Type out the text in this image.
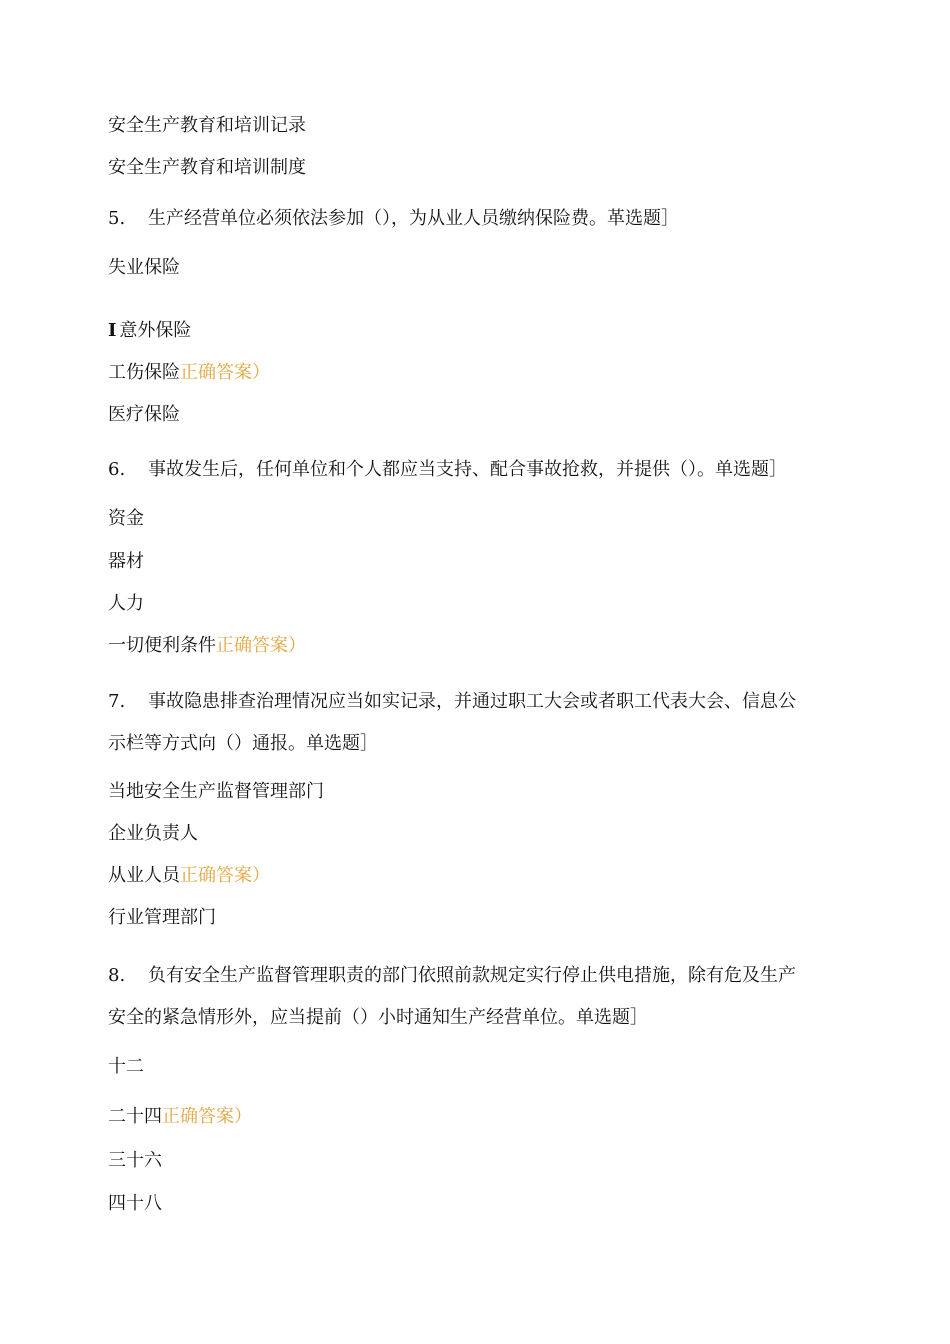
安全生产教育和培训记录
安全生产教育和培训制度
5. 生产经营单位必须依法参加（），为从业人员缴纳保险费。革选题］
失业保险
I 意外保险
工伤保险正确答案）
医疗保险
6. 事故发生后，任何单位和个人都应当支持、配合事故抢救，并提供（）。单选题］
资金
器材
人力
一切便利条件正确答案）
7. 事故隐患排查治理情况应当如实记录，并通过职工大会或者职工代表大会、信息公
示栏等方式向（）通报。单选题］
当地安全生产监督管理部门
企业负责人
从业人员正确答案）
行业管理部门
8. 负有安全生产监督管理职责的部门依照前款规定实行停止供电措施，除有危及生产
安全的紧急情形外，应当提前（）小时通知生产经营单位。单选题］
十二
二十四正确答案）
三十六
四十八
